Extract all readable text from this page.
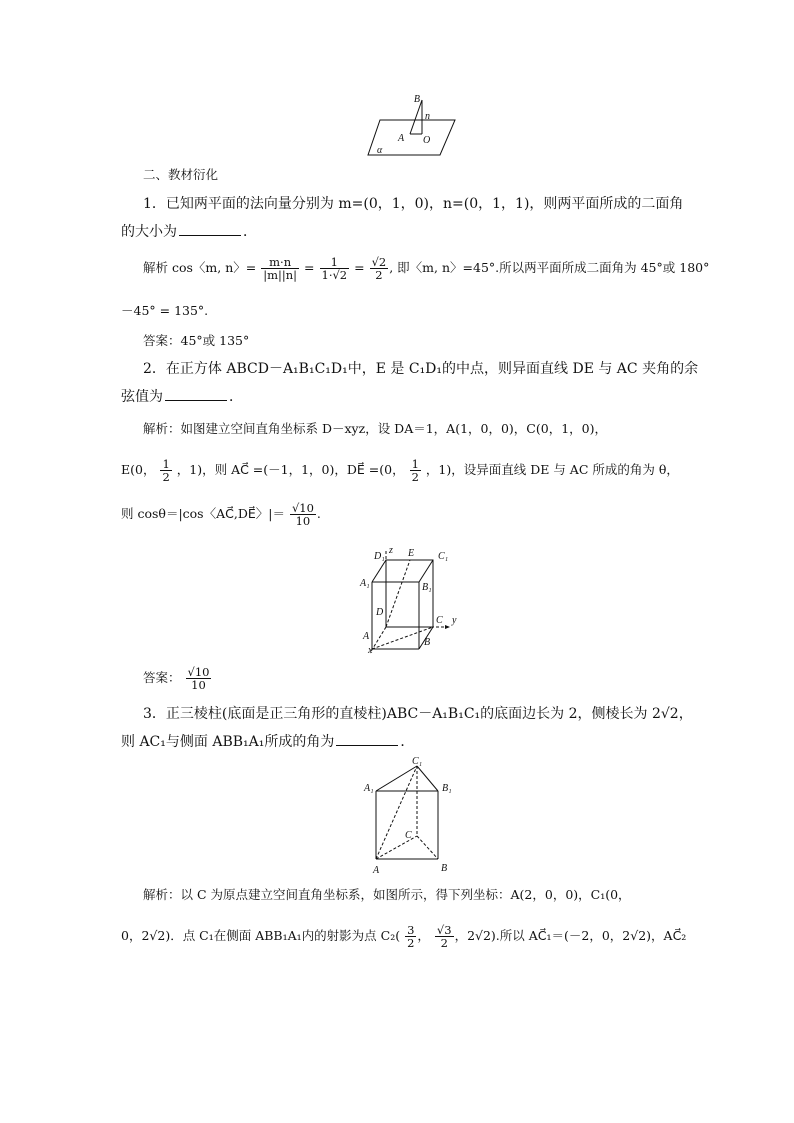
B
n
A O
α
二、教材衍化
1．已知两平面的法向量分别为 m=(0，1，0)，n=(0，1，1)，则两平面所成的二面角
的大小为	．
解析 cos〈m, n〉= $\frac{m\cdot n}{|m||n|} = \frac{1}{1\cdot√2} = \frac{√2}{2}$ , 即〈m, n〉=45°.所以两平面所成二面角为 45°或 180°
－45° = 135°.
答案：45°或 135°
2．在正方体 ABCD－A₁B₁C₁D₁中，E 是 C₁D₁的中点，则异面直线 DE 与 AC 夹角的余
弦值为	．
解析：如图建立空间直角坐标系 D－xyz，设 DA＝1，A(1，0，0)，C(0，1，0)，
E(0， $\frac{1}{2}$ ，1)，则 AC⃗ =(－1，1，0)，DE⃗ =(0， $\frac{1}{2}$ ，1)，设异面直线 DE 与 AC 所成的角为 θ，
则 cosθ＝|cos〈AC⃗,DE⃗〉|＝ $\frac{√10}{10}$ .
D₁
z E C₁
A₁	B₁
D
C y
A
B
x
答案： $\frac{√10}{10}$
3．正三棱柱(底面是正三角形的直棱柱)ABC－A₁B₁C₁的底面边长为 2，侧棱长为 2√2，
则 AC₁与侧面 ABB₁A₁所成的角为	．
C₁
A₁	B₁
C
A	B
解析：以 C 为原点建立空间直角坐标系，如图所示，得下列坐标：A(2，0，0)，C₁(0，
0，2√2)．点 C₁在侧面 ABB₁A₁内的射影为点 $C_2( \frac{3}{2}$ ， $\frac{√3}{2}$ ，2√2).所以 AC⃗₁＝(－2，0，2√2)，AC⃗₂
